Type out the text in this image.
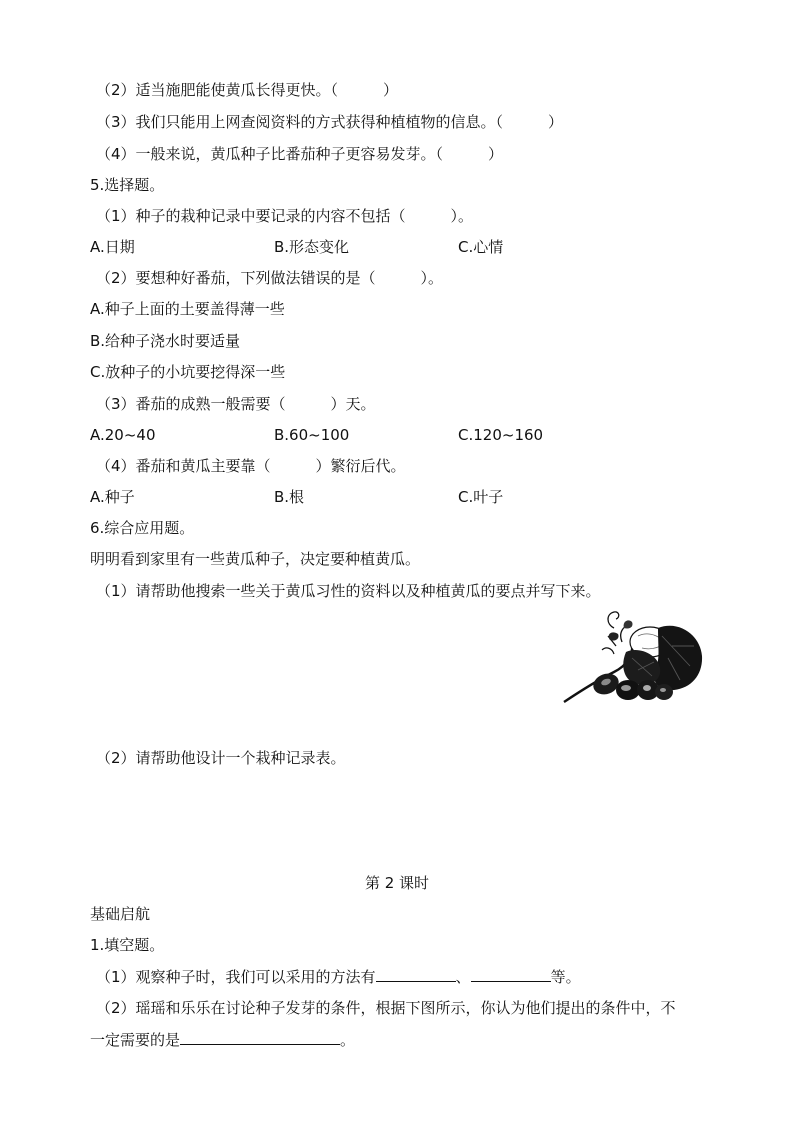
（2）适当施肥能使黄瓜长得更快。（　　　）
（3）我们只能用上网查阅资料的方式获得种植植物的信息。（　　　）
（4）一般来说，黄瓜种子比番茄种子更容易发芽。（　　　）
5.选择题。
（1）种子的栽种记录中要记录的内容不包括（　　　）。
A.日期	B.形态变化	C.心情
（2）要想种好番茄，下列做法错误的是（　　　）。
A.种子上面的土要盖得薄一些
B.给种子浇水时要适量
C.放种子的小坑要挖得深一些
（3）番茄的成熟一般需要（　　　）天。
A.20~40	B.60~100	C.120~160
（4）番茄和黄瓜主要靠（　　　）繁衍后代。
A.种子	B.根	C.叶子
6.综合应用题。
明明看到家里有一些黄瓜种子，决定要种植黄瓜。
（1）请帮助他搜索一些关于黄瓜习性的资料以及种植黄瓜的要点并写下来。
（2）请帮助他设计一个栽种记录表。
第 2 课时
基础启航
1.填空题。
（1）观察种子时，我们可以采用的方法有	、	等。
（2）瑶瑶和乐乐在讨论种子发芽的条件，根据下图所示，你认为他们提出的条件中，不
一定需要的是	。
